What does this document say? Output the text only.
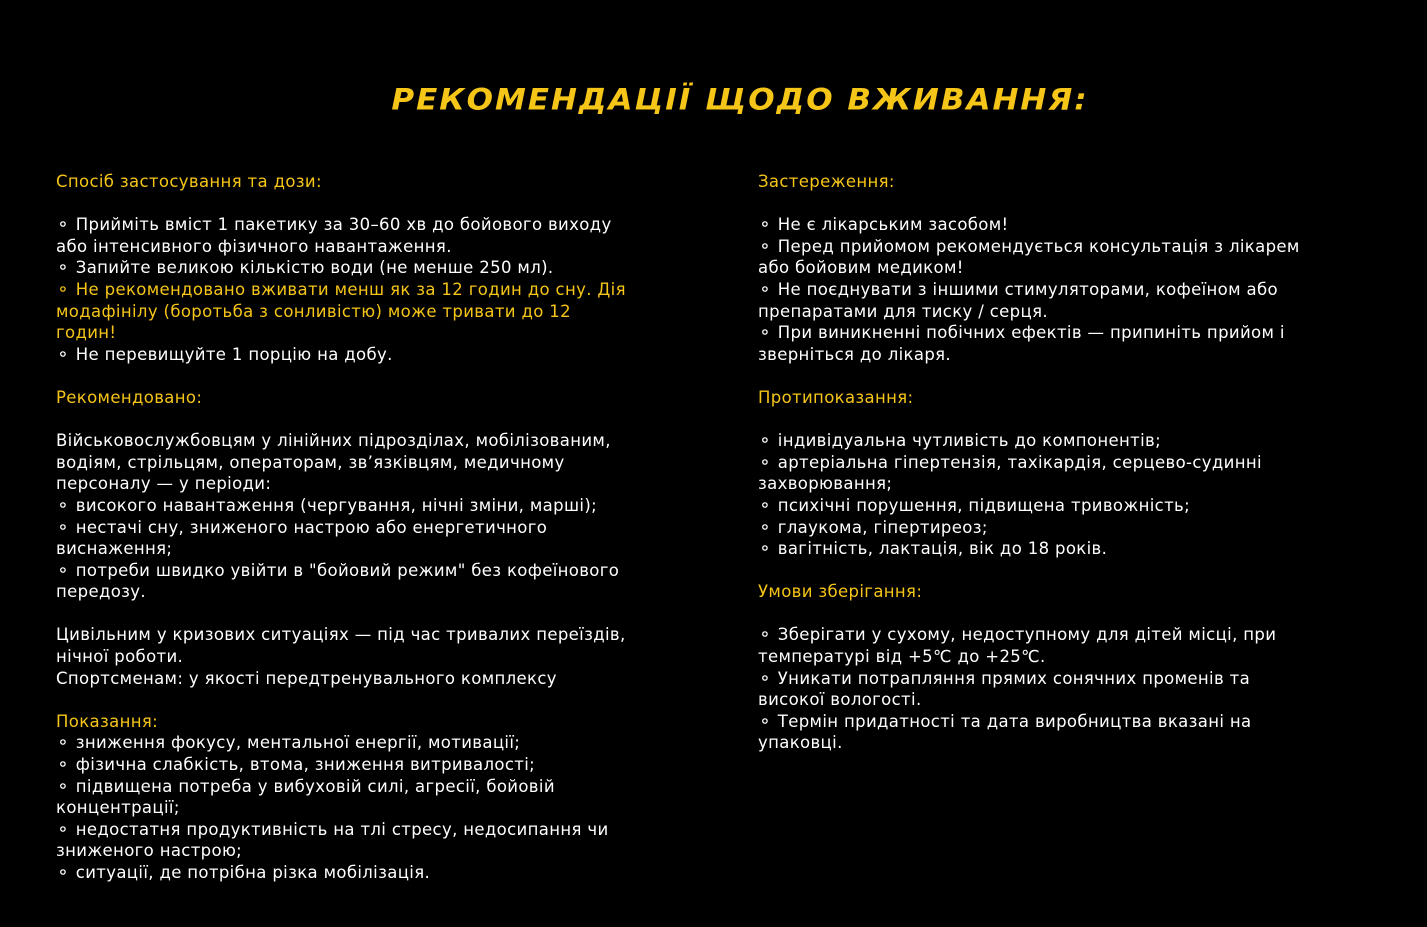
РЕКОМЕНДАЦІЇ ЩОДО ВЖИВАННЯ:
Спосіб застосування та дози:
⚬ Прийміть вміст 1 пакетику за 30–60 хв до бойового виходу
або інтенсивного фізичного навантаження.
⚬ Запийте великою кількістю води (не менше 250 мл).
⚬ Не рекомендовано вживати менш як за 12 годин до сну. Дія
модафінілу (боротьба з сонливістю) може тривати до 12
годин!
⚬ Не перевищуйте 1 порцію на добу.
Рекомендовано:
Військовослужбовцям у лінійних підрозділах, мобілізованим,
водіям, стрільцям, операторам, зв’язківцям, медичному
персоналу — у періоди:
⚬ високого навантаження (чергування, нічні зміни, марші);
⚬ нестачі сну, зниженого настрою або енергетичного
виснаження;
⚬ потреби швидко увійти в "бойовий режим" без кофеїнового
передозу.
Цивільним у кризових ситуаціях — під час тривалих переїздів,
нічної роботи.
Спортсменам: у якості передтренувального комплексу
Показання:
⚬ зниження фокусу, ментальної енергії, мотивації;
⚬ фізична слабкість, втома, зниження витривалості;
⚬ підвищена потреба у вибуховій силі, агресії, бойовій
концентрації;
⚬ недостатня продуктивність на тлі стресу, недосипання чи
зниженого настрою;
⚬ ситуації, де потрібна різка мобілізація.
Застереження:
⚬ Не є лікарським засобом!
⚬ Перед прийомом рекомендується консультація з лікарем
або бойовим медиком!
⚬ Не поєднувати з іншими стимуляторами, кофеїном або
препаратами для тиску / серця.
⚬ При виникненні побічних ефектів — припиніть прийом і
зверніться до лікаря.
Протипоказання:
⚬ індивідуальна чутливість до компонентів;
⚬ артеріальна гіпертензія, тахікардія, серцево-судинні
захворювання;
⚬ психічні порушення, підвищена тривожність;
⚬ глаукома, гіпертиреоз;
⚬ вагітність, лактація, вік до 18 років.
Умови зберігання:
⚬ Зберігати у сухому, недоступному для дітей місці, при
температурі від +5℃ до +25℃.
⚬ Уникати потрапляння прямих сонячних променів та
високої вологості.
⚬ Термін придатності та дата виробництва вказані на
упаковці.
